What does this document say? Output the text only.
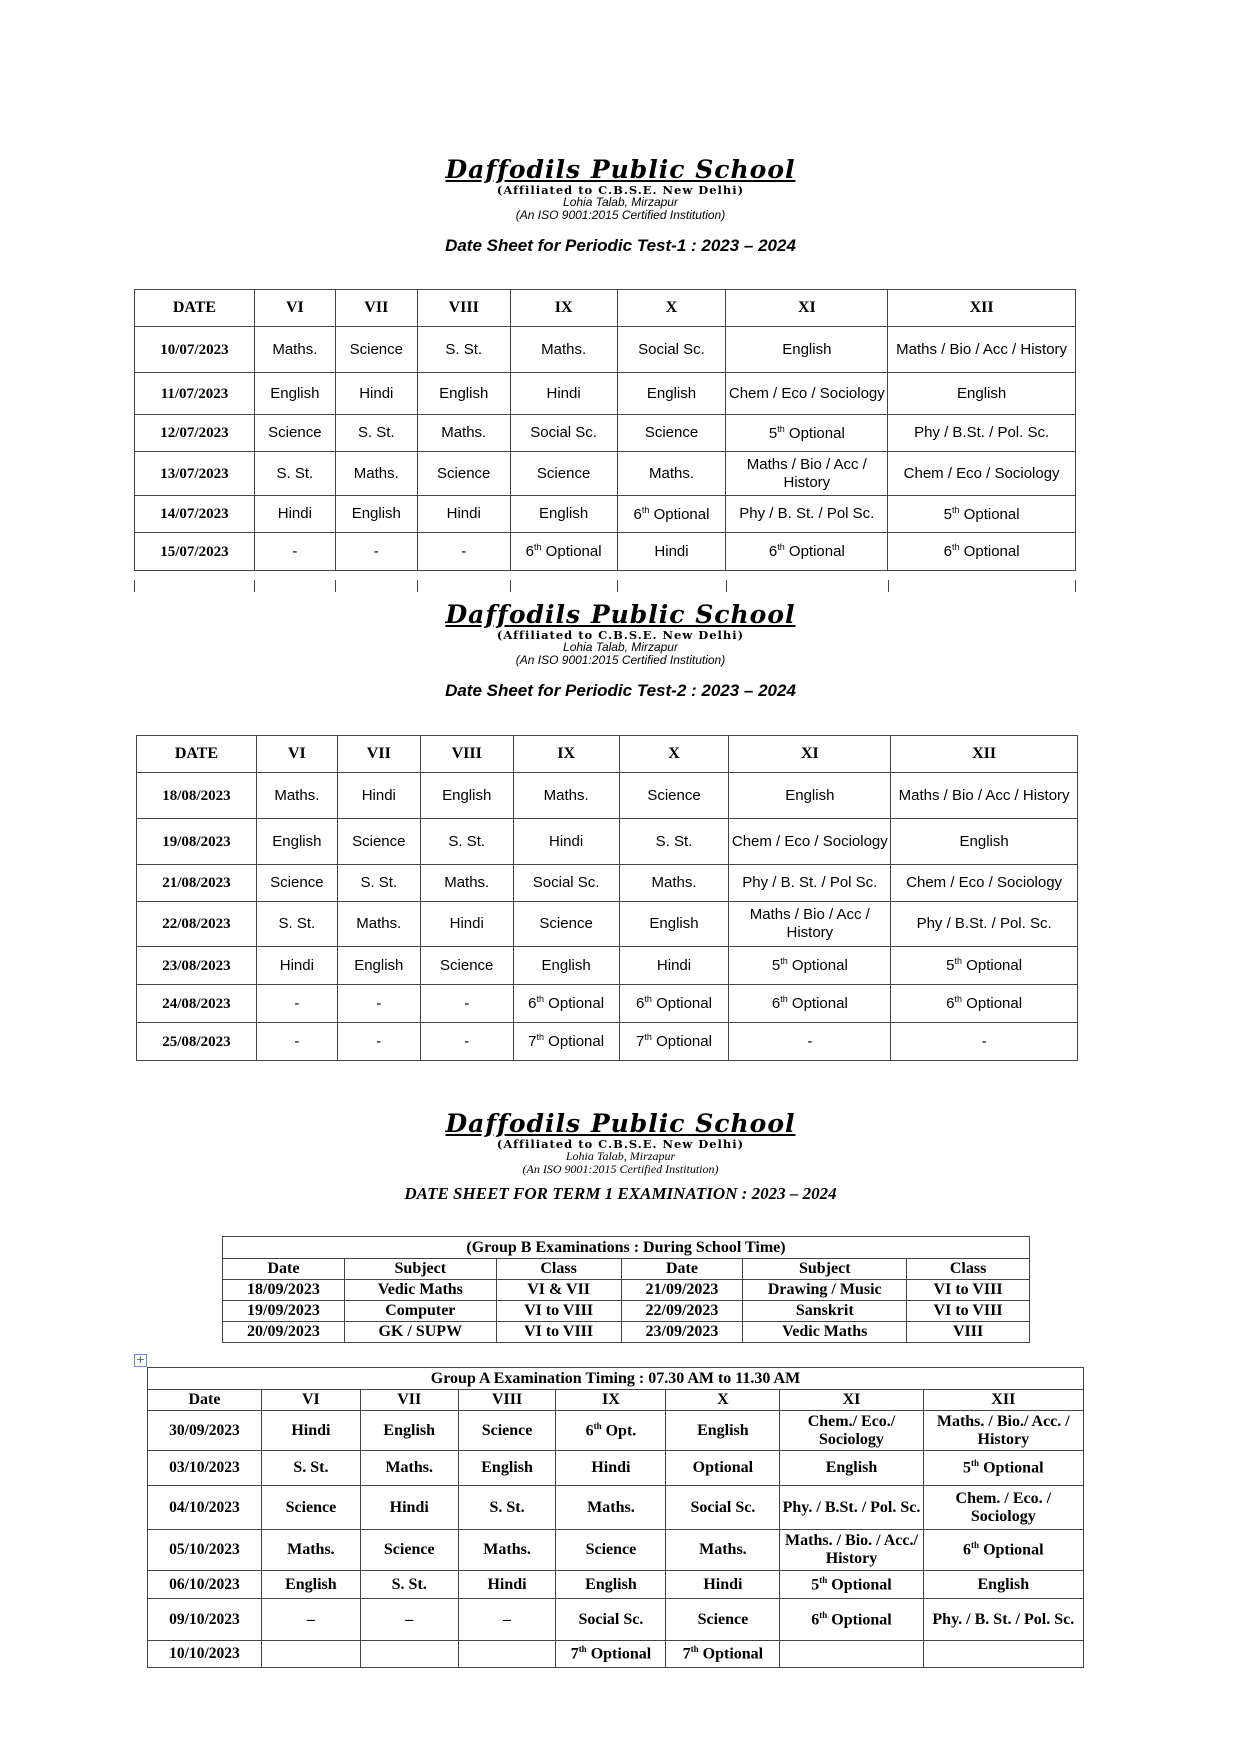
Daffodils Public School
(Affiliated to C.B.S.E. New Delhi)
Lohia Talab, Mirzapur
(An ISO 9001:2015 Certified Institution)
Date Sheet for Periodic Test-1 : 2023 – 2024
DATE	VI	VII	VIII	IX	X	XI	XII
10/07/2023	Maths.	Science	S. St.	Maths.	Social Sc.	English	Maths / Bio / Acc / History
11/07/2023	English	Hindi	English	Hindi	English	Chem / Eco / Sociology	English
12/07/2023	Science	S. St.	Maths.	Social Sc.	Science	5th Optional	Phy / B.St. / Pol. Sc.
13/07/2023	S. St.	Maths.	Science	Science	Maths.	Maths / Bio / Acc / History	Chem / Eco / Sociology
14/07/2023	Hindi	English	Hindi	English	6th Optional	Phy / B. St. / Pol Sc.	5th Optional
15/07/2023	-	-	-	6th Optional	Hindi	6th Optional	6th Optional
Daffodils Public School
(Affiliated to C.B.S.E. New Delhi)
Lohia Talab, Mirzapur
(An ISO 9001:2015 Certified Institution)
Date Sheet for Periodic Test-2 : 2023 – 2024
DATE	VI	VII	VIII	IX	X	XI	XII
18/08/2023	Maths.	Hindi	English	Maths.	Science	English	Maths / Bio / Acc / History
19/08/2023	English	Science	S. St.	Hindi	S. St.	Chem / Eco / Sociology	English
21/08/2023	Science	S. St.	Maths.	Social Sc.	Maths.	Phy / B. St. / Pol Sc.	Chem / Eco / Sociology
22/08/2023	S. St.	Maths.	Hindi	Science	English	Maths / Bio / Acc / History	Phy / B.St. / Pol. Sc.
23/08/2023	Hindi	English	Science	English	Hindi	5th Optional	5th Optional
24/08/2023	-	-	-	6th Optional	6th Optional	6th Optional	6th Optional
25/08/2023	-	-	-	7th Optional	7th Optional	-	-
Daffodils Public School
(Affiliated to C.B.S.E. New Delhi)
Lohia Talab, Mirzapur
(An ISO 9001:2015 Certified Institution)
DATE SHEET FOR TERM 1 EXAMINATION : 2023 – 2024
(Group B Examinations : During School Time)					
Date	Subject	Class	Date	Subject	Class
18/09/2023	Vedic Maths	VI & VII	21/09/2023	Drawing / Music	VI to VIII
19/09/2023	Computer	VI to VIII	22/09/2023	Sanskrit	VI to VIII
20/09/2023	GK / SUPW	VI to VIII	23/09/2023	Vedic Maths	VIII
+
Group A Examination Timing : 07.30 AM to 11.30 AM							
Date	VI	VII	VIII	IX	X	XI	XII
30/09/2023	Hindi	English	Science	6th Opt.	English	Chem./ Eco./ Sociology	Maths. / Bio./ Acc. / History
03/10/2023	S. St.	Maths.	English	Hindi	Optional	English	5th Optional
04/10/2023	Science	Hindi	S. St.	Maths.	Social Sc.	Phy. / B.St. / Pol. Sc.	Chem. / Eco. / Sociology
05/10/2023	Maths.	Science	Maths.	Science	Maths.	Maths. / Bio. / Acc./ History	6th Optional
06/10/2023	English	S. St.	Hindi	English	Hindi	5th Optional	English
09/10/2023	–	–	–	Social Sc.	Science	6th Optional	Phy. / B. St. / Pol. Sc.
10/10/2023				7th Optional	7th Optional		
